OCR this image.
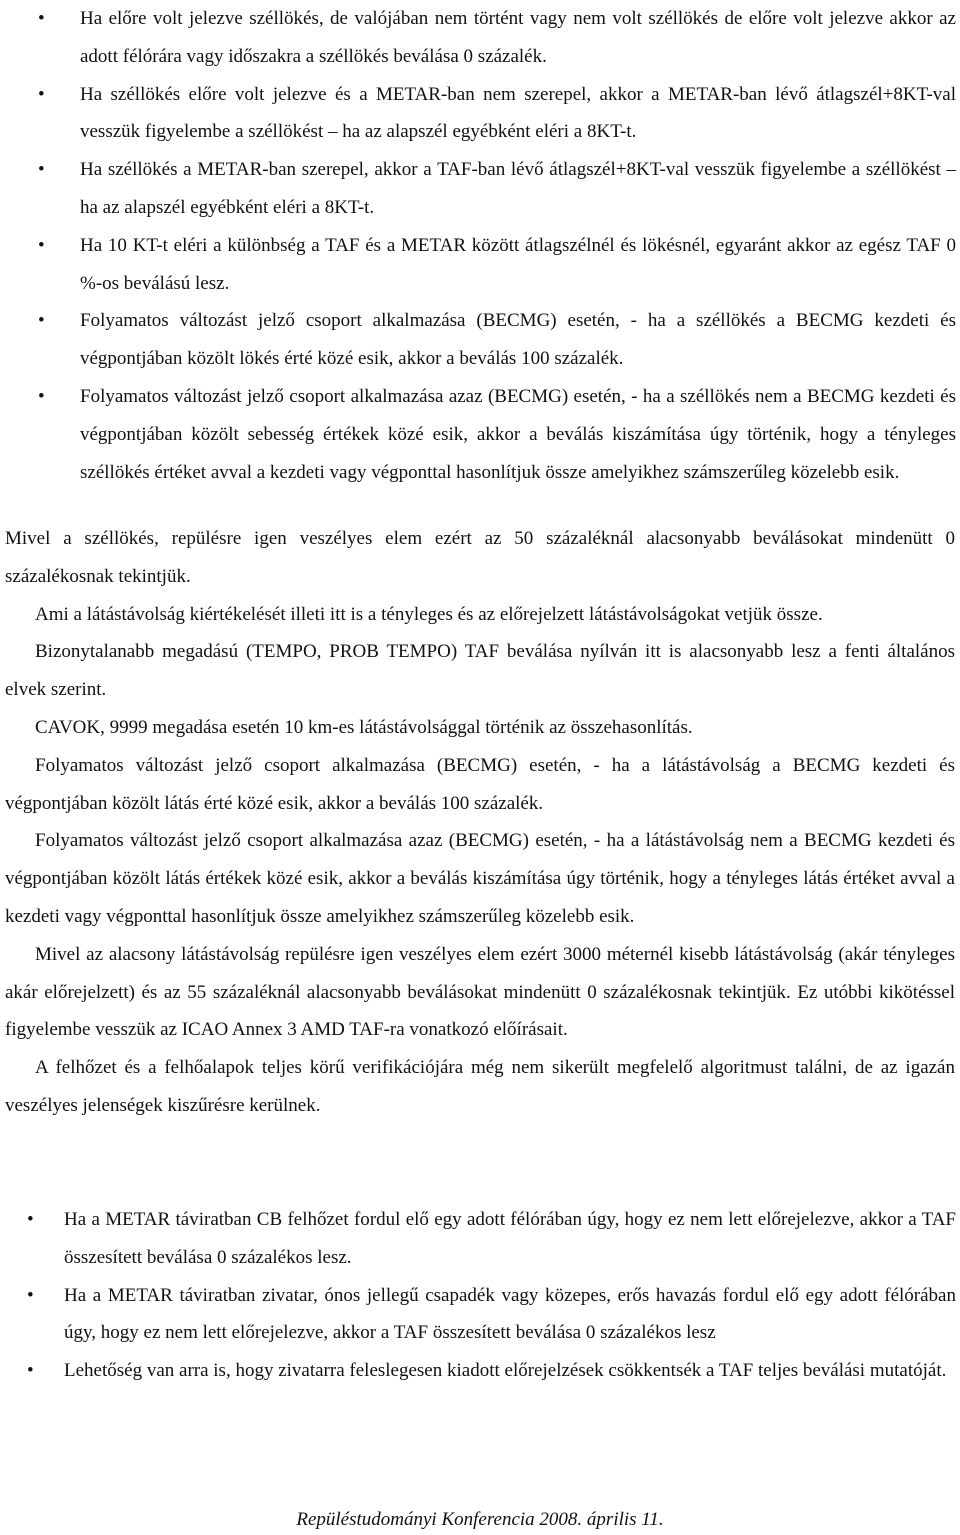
• Ha előre volt jelezve széllökés, de valójában nem történt vagy nem volt széllökés de előre volt jelezve akkor az adott félórára vagy időszakra a széllökés beválása 0 százalék.
• Ha széllökés előre volt jelezve és a METAR-ban nem szerepel, akkor a METAR-ban lévő átlagszél+8KT-val vesszük figyelembe a széllökést – ha az alapszél egyébként eléri a 8KT-t.
• Ha széllökés a METAR-ban szerepel, akkor a TAF-ban lévő átlagszél+8KT-val vesszük figyelembe a széllökést – ha az alapszél egyébként eléri a 8KT-t.
• Ha 10 KT-t eléri a különbség a TAF és a METAR között átlagszélnél és lökésnél, egyaránt akkor az egész TAF 0 %-os beválású lesz.
• Folyamatos változást jelző csoport alkalmazása (BECMG) esetén, - ha a széllökés a BECMG kezdeti és végpontjában közölt lökés érté közé esik, akkor a beválás 100 százalék.
• Folyamatos változást jelző csoport alkalmazása azaz (BECMG) esetén, - ha a széllökés nem a BECMG kezdeti és végpontjában közölt sebesség értékek közé esik, akkor a beválás kiszámítása úgy történik, hogy a tényleges széllökés értéket avval a kezdeti vagy végponttal hasonlítjuk össze amelyikhez számszerűleg közelebb esik.

Mivel a széllökés, repülésre igen veszélyes elem ezért az 50 százaléknál alacsonyabb beválásokat mindenütt 0 százalékosnak tekintjük.

Ami a látástávolság kiértékelését illeti itt is a tényleges és az előrejelzett látástávolságokat vetjük össze.

Bizonytalanabb megadású (TEMPO, PROB TEMPO) TAF beválása nyílván itt is alacsonyabb lesz a fenti általános elvek szerint.

CAVOK, 9999 megadása esetén 10 km-es látástávolsággal történik az összehasonlítás.

Folyamatos változást jelző csoport alkalmazása (BECMG) esetén, - ha a látástávolság a BECMG kezdeti és végpontjában közölt látás érté közé esik, akkor a beválás 100 százalék.

Folyamatos változást jelző csoport alkalmazása azaz (BECMG) esetén, - ha a látástávolság nem a BECMG kezdeti és végpontjában közölt látás értékek közé esik, akkor a beválás kiszámítása úgy történik, hogy a tényleges látás értéket avval a kezdeti vagy végponttal hasonlítjuk össze amelyikhez számszerűleg közelebb esik.

Mivel az alacsony látástávolság repülésre igen veszélyes elem ezért 3000 méternél kisebb látástávolság (akár tényleges akár előrejelzett) és az 55 százaléknál alacsonyabb beválásokat mindenütt 0 százalékosnak tekintjük. Ez utóbbi kikötéssel figyelembe vesszük az ICAO Annex 3 AMD TAF-ra vonatkozó előírásait.

A felhőzet és a felhőalapok teljes körű verifikációjára még nem sikerült megfelelő algoritmust találni, de az igazán veszélyes jelenségek kiszűrésre kerülnek.

• Ha a METAR táviratban CB felhőzet fordul elő egy adott félórában úgy, hogy ez nem lett előrejelezve, akkor a TAF összesített beválása 0 százalékos lesz.
• Ha a METAR táviratban zivatar, ónos jellegű csapadék vagy közepes, erős havazás fordul elő egy adott félórában úgy, hogy ez nem lett előrejelezve, akkor a TAF összesített beválása 0 százalékos lesz
• Lehetőség van arra is, hogy zivatarra feleslegesen kiadott előrejelzések csökkentsék a TAF teljes beválási mutatóját.
Repüléstudományi Konferencia 2008. április 11.
